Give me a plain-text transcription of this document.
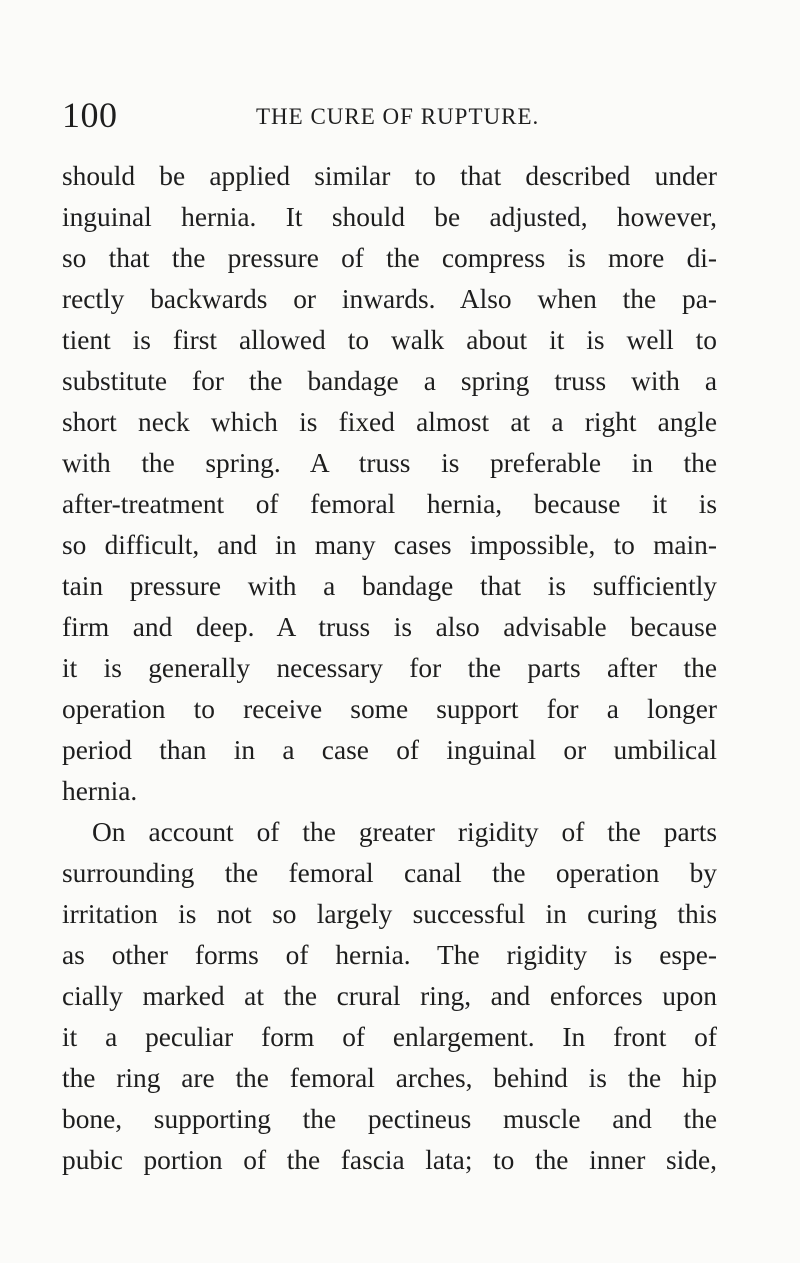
100	THE CURE OF RUPTURE.
should be applied similar to that described under
inguinal hernia. It should be adjusted, however,
so that the pressure of the compress is more di-
rectly backwards or inwards. Also when the pa-
tient is first allowed to walk about it is well to
substitute for the bandage a spring truss with a
short neck which is fixed almost at a right angle
with the spring. A truss is preferable in the
after-treatment of femoral hernia, because it is
so difficult, and in many cases impossible, to main-
tain pressure with a bandage that is sufficiently
firm and deep. A truss is also advisable because
it is generally necessary for the parts after the
operation to receive some support for a longer
period than in a case of inguinal or umbilical
hernia.
On account of the greater rigidity of the parts
surrounding the femoral canal the operation by
irritation is not so largely successful in curing this
as other forms of hernia. The rigidity is espe-
cially marked at the crural ring, and enforces upon
it a peculiar form of enlargement. In front of
the ring are the femoral arches, behind is the hip
bone, supporting the pectineus muscle and the
pubic portion of the fascia lata; to the inner side,
